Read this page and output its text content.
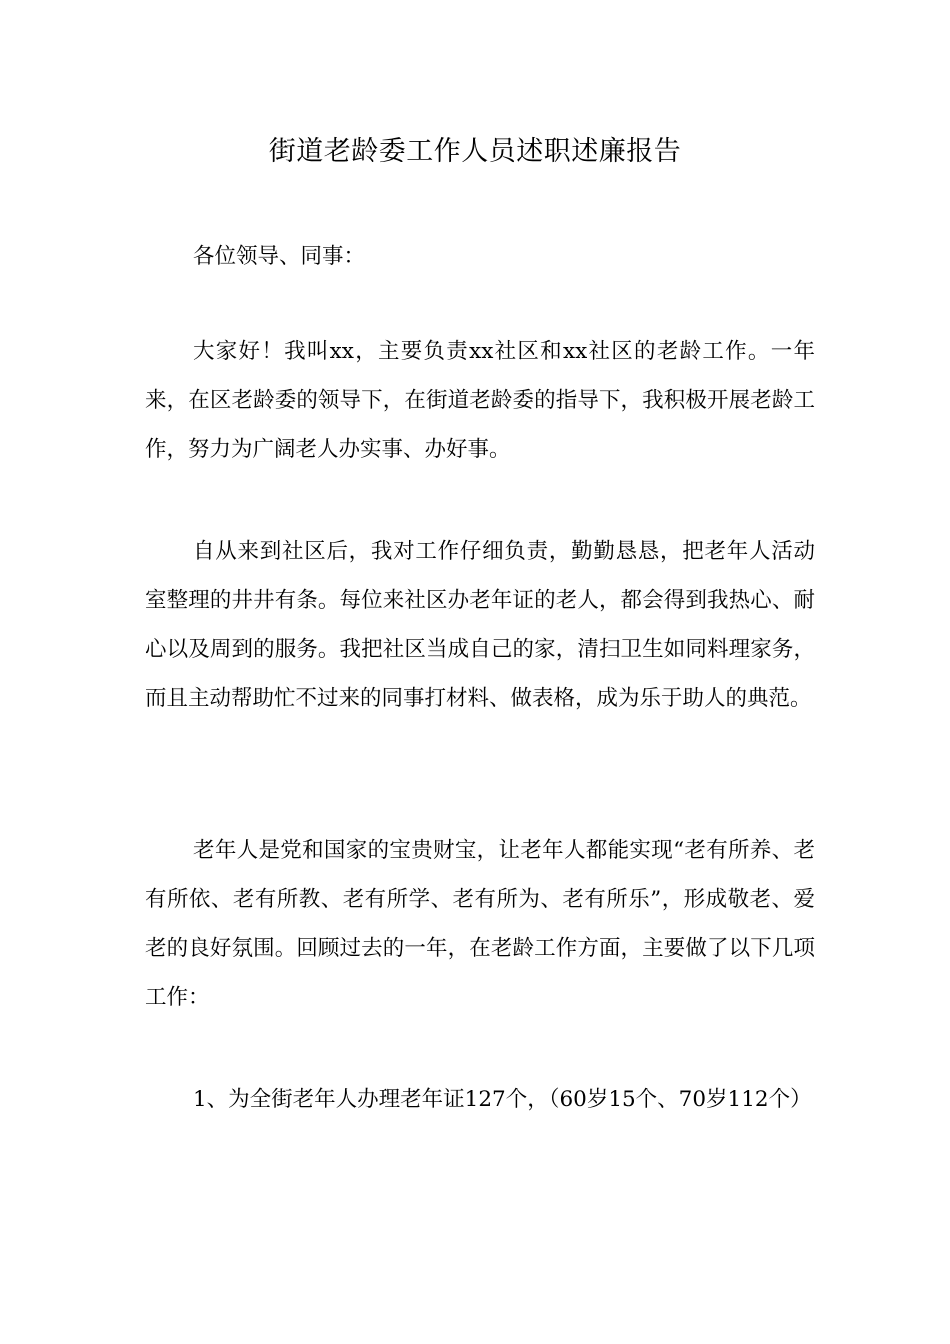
街道老龄委工作人员述职述廉报告

各位领导、同事：

大家好！我叫xx，主要负责xx社区和xx社区的老龄工作。一年来，在区老龄委的领导下，在街道老龄委的指导下，我积极开展老龄工作，努力为广阔老人办实事、办好事。

自从来到社区后，我对工作仔细负责，勤勤恳恳，把老年人活动室整理的井井有条。每位来社区办老年证的老人，都会得到我热心、耐心以及周到的服务。我把社区当成自己的家，清扫卫生如同料理家务，而且主动帮助忙不过来的同事打材料、做表格，成为乐于助人的典范。

老年人是党和国家的宝贵财宝，让老年人都能实现“老有所养、老有所依、老有所教、老有所学、老有所为、老有所乐”，形成敬老、爱老的良好氛围。回顾过去的一年，在老龄工作方面，主要做了以下几项工作：

1、为全街老年人办理老年证127个，（60岁15个、70岁112个）
